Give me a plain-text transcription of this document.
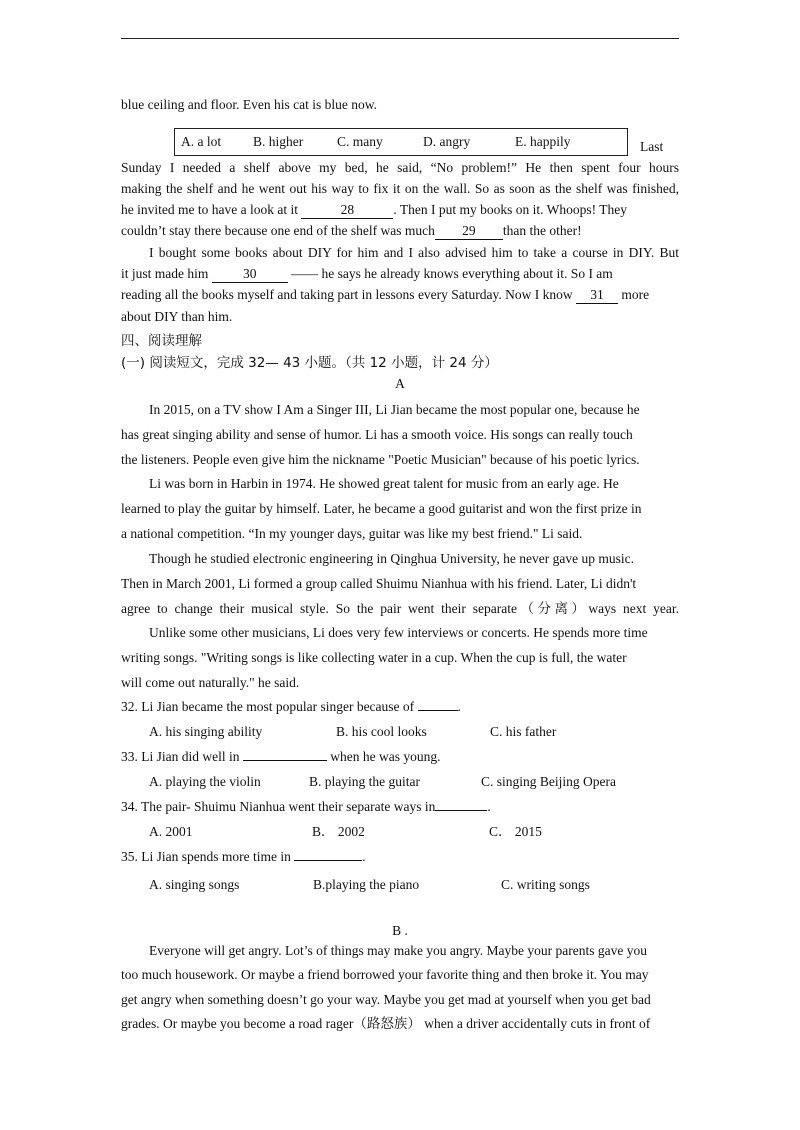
blue ceiling and floor. Even his cat is blue now.
A. a lot B. higher	C. many	D. angry	E. happily	Last
Sunday I needed a shelf above my bed, he said, “No problem!” He then spent four hours
making the shelf and he went out his way to fix it on the wall. So as soon as the shelf was finished,
he invited me to have a look at it	28	. Then I put my books on it. Whoops! They
couldn’t stay there because one end of the shelf was much 29 than the other!
I bought some books about DIY for him and I also advised him to take a course in DIY. But
it just made him 30 —— he says he already knows everything about it. So I am
reading all the books myself and taking part in lessons every Saturday. Now I know 31 more
about DIY than him.
四、阅读理解
(一) 阅读短文，完成 32— 43 小题。（共 12 小题，计 24 分）
A
In 2015, on a TV show I Am a Singer III, Li Jian became the most popular one, because he
has great singing ability and sense of humor. Li has a smooth voice. His songs can really touch
the listeners. People even give him the nickname "Poetic Musician" because of his poetic lyrics.
Li was born in Harbin in 1974. He showed great talent for music from an early age. He
learned to play the guitar by himself. Later, he became a good guitarist and won the first prize in
a national competition. “In my younger days, guitar was like my best friend." Li said.
Though he studied electronic engineering in Qinghua University, he never gave up music.
Then in March 2001, Li formed a group called Shuimu Nianhua with his friend. Later, Li didn't
agree to change their musical style. So the pair went their separate（分离）ways next year.
Unlike some other musicians, Li does very few interviews or concerts. He spends more time
writing songs. "Writing songs is like collecting water in a cup. When the cup is full, the water
will come out naturally." he said.
32. Li Jian became the most popular singer because of	.
A. his singing ability	B. his cool looks	C. his father
33. Li Jian did well in	when he was young.
A. playing the violin	B. playing the guitar	C. singing Beijing Opera
34. The pair- Shuimu Nianhua went their separate ways in	.
A. 2001	B． 2002	C． 2015
35. Li Jian spends more time in	.
A. singing songs	B.playing the piano	C. writing songs
B .
Everyone will get angry. Lot’s of things may make you angry. Maybe your parents gave you
too much housework. Or maybe a friend borrowed your favorite thing and then broke it. You may
get angry when something doesn’t go your way. Maybe you get mad at yourself when you get bad
grades. Or maybe you become a road rager（路怒族） when a driver accidentally cuts in front of
